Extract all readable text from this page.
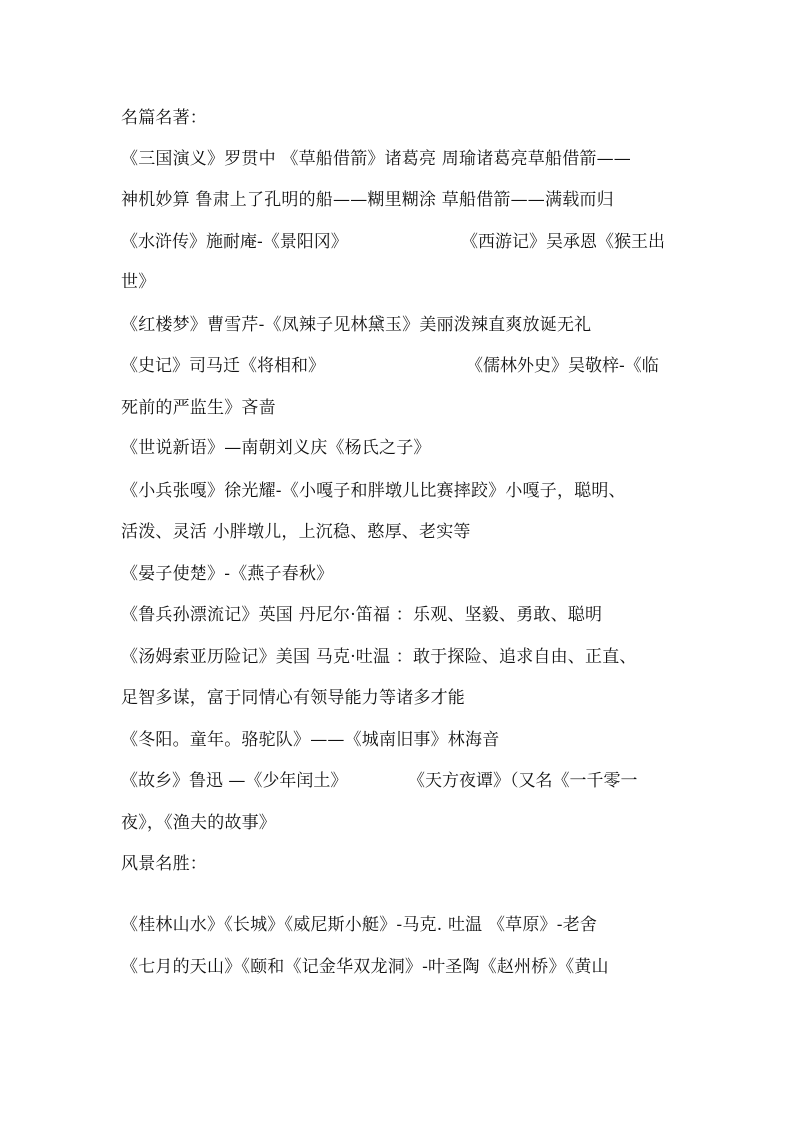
名篇名著：
《三国演义》罗贯中 《草船借箭》诸葛亮 周瑜诸葛亮草船借箭——
神机妙算 鲁肃上了孔明的船——糊里糊涂 草船借箭——满载而归
《水浒传》施耐庵-《景阳冈》	《西游记》吴承恩《猴王出
世》
《红楼梦》曹雪芹-《凤辣子见林黛玉》美丽泼辣直爽放诞无礼
《史记》司马迁《将相和》	《儒林外史》吴敬梓-《临
死前的严监生》吝啬
《世说新语》—南朝刘义庆《杨氏之子》
《小兵张嘎》徐光耀-《小嘎子和胖墩儿比赛摔跤》小嘎子，聪明、
活泼、灵活 小胖墩儿，上沉稳、憨厚、老实等
《晏子使楚》-《燕子春秋》
《鲁兵孙漂流记》英国 丹尼尔·笛福 ：乐观、坚毅、勇敢、聪明
《汤姆索亚历险记》美国 马克·吐温 ：敢于探险、追求自由、正直、
足智多谋，富于同情心有领导能力等诸多才能
《冬阳。童年。骆驼队》——《城南旧事》林海音
《故乡》鲁迅 —《少年闰土》	《天方夜谭》（又名《一千零一
夜》，《渔夫的故事》
风景名胜：
《桂林山水》《长城》《威尼斯小艇》-马克. 吐温 《草原》-老舍
《七月的天山》《颐和《记金华双龙洞》-叶圣陶《赵州桥》《黄山
